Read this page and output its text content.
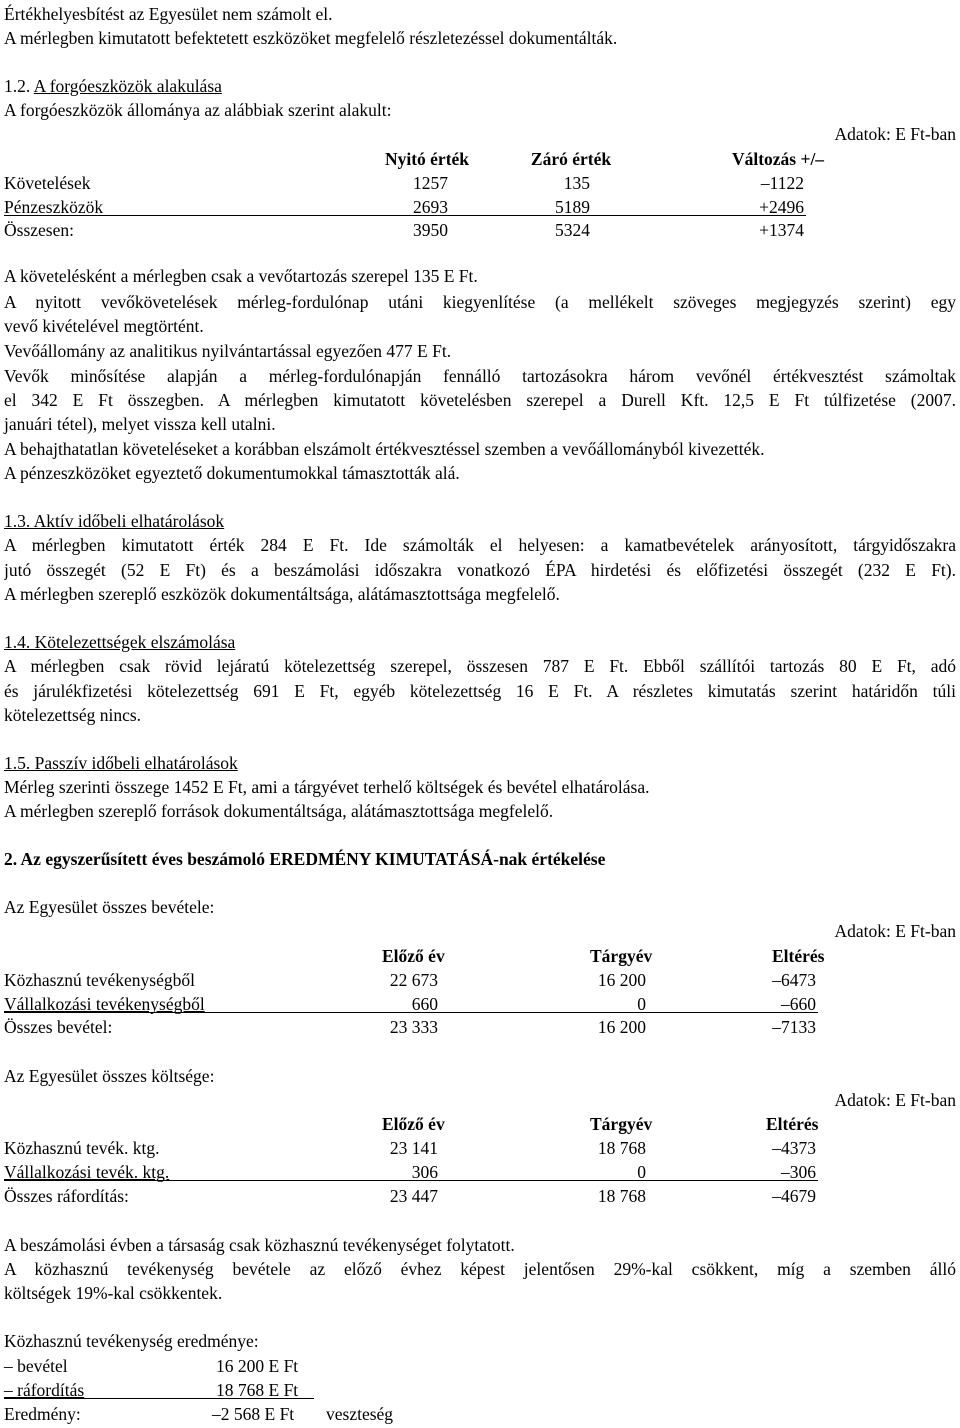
Értékhelyesbítést az Egyesület nem számolt el.
A mérlegben kimutatott befektetett eszközöket megfelelő részletezéssel dokumentálták.
1.2. A forgóeszközök alakulása
A forgóeszközök állománya az alábbiak szerint alakult:
Adatok: E Ft-ban
Nyitó érték	Záró érték	Változás +/–
Követelések	1257	135	–1122
Pénzeszközök	2693	5189	+2496
Összesen:	3950	5324	+1374
A követelésként a mérlegben csak a vevőtartozás szerepel 135 E Ft.
A nyitott vevőkövetelések mérleg-fordulónap utáni kiegyenlítése (a mellékelt szöveges megjegyzés szerint) egy
vevő kivételével megtörtént.
Vevőállomány az analitikus nyilvántartással egyezően 477 E Ft.
Vevők minősítése alapján a mérleg-fordulónapján fennálló tartozásokra három vevőnél értékvesztést számoltak
el 342 E Ft összegben. A mérlegben kimutatott követelésben szerepel a Durell Kft. 12,5 E Ft túlfizetése (2007.
januári tétel), melyet vissza kell utalni.
A behajthatatlan követeléseket a korábban elszámolt értékvesztéssel szemben a vevőállományból kivezették.
A pénzeszközöket egyeztető dokumentumokkal támasztották alá.
1.3. Aktív időbeli elhatárolások
A mérlegben kimutatott érték 284 E Ft. Ide számolták el helyesen: a kamatbevételek arányosított, tárgyidőszakra
jutó összegét (52 E Ft) és a beszámolási időszakra vonatkozó ÉPA hirdetési és előfizetési összegét (232 E Ft).
A mérlegben szereplő eszközök dokumentáltsága, alátámasztottsága megfelelő.
1.4. Kötelezettségek elszámolása
A mérlegben csak rövid lejáratú kötelezettség szerepel, összesen 787 E Ft. Ebből szállítói tartozás 80 E Ft, adó
és járulékfizetési kötelezettség 691 E Ft, egyéb kötelezettség 16 E Ft. A részletes kimutatás szerint határidőn túli
kötelezettség nincs.
1.5. Passzív időbeli elhatárolások
Mérleg szerinti összege 1452 E Ft, ami a tárgyévet terhelő költségek és bevétel elhatárolása.
A mérlegben szereplő források dokumentáltsága, alátámasztottsága megfelelő.
2. Az egyszerűsített éves beszámoló EREDMÉNY KIMUTATÁSÁ-nak értékelése
Az Egyesület összes bevétele:
Adatok: E Ft-ban
Előző év	Tárgyév	Eltérés
Közhasznú tevékenységből	22 673	16 200	–6473
Vállalkozási tevékenységből	660	0	–660
Összes bevétel:	23 333	16 200	–7133
Az Egyesület összes költsége:
Adatok: E Ft-ban
Előző év	Tárgyév	Eltérés
Közhasznú tevék. ktg.	23 141	18 768	–4373
Vállalkozási tevék. ktg.	306	0	–306
Összes ráfordítás:	23 447	18 768	–4679
A beszámolási évben a társaság csak közhasznú tevékenységet folytatott.
A közhasznú tevékenység bevétele az előző évhez képest jelentősen 29%-kal csökkent, míg a szemben álló
költségek 19%-kal csökkentek.
Közhasznú tevékenység eredménye:
– bevétel	16 200 E Ft
– ráfordítás	18 768 E Ft
Eredmény:	–2 568 E Ft veszteség
